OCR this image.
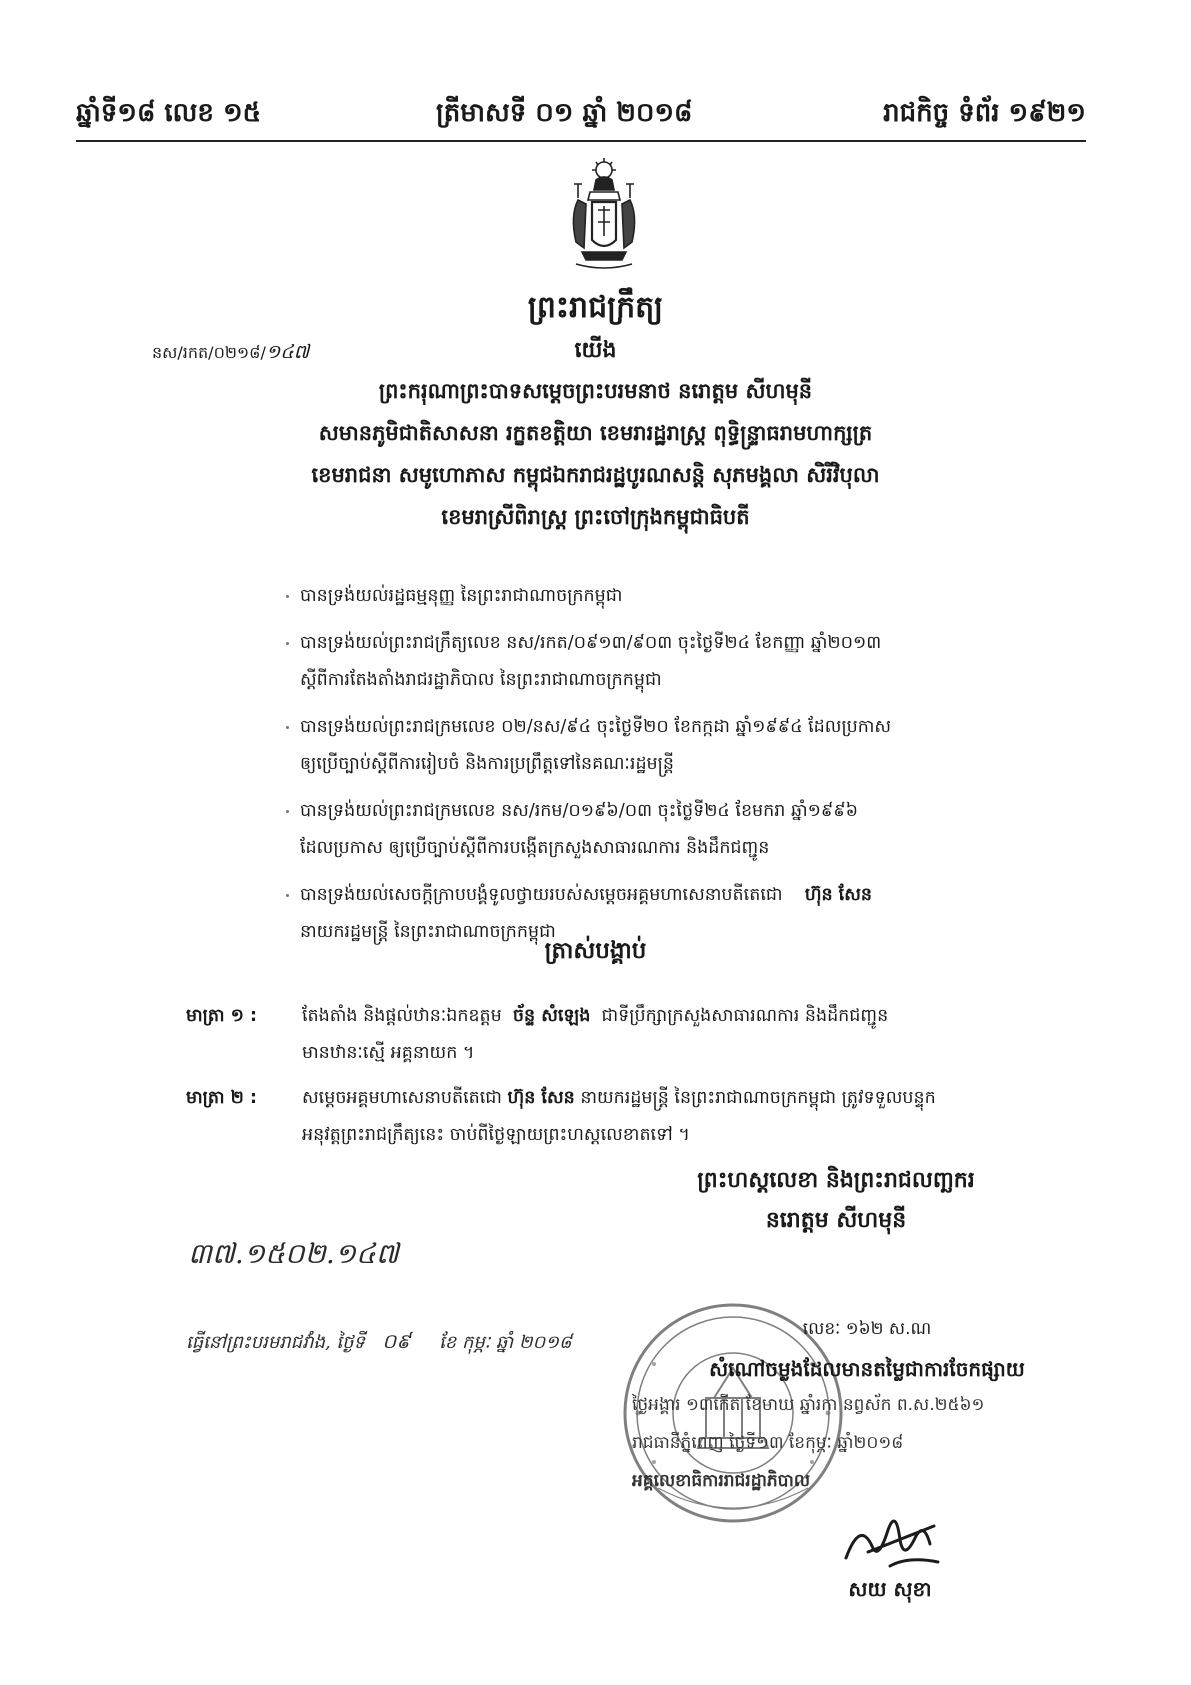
ឆ្នាំទី១៨ លេខ ១៥	ត្រីមាសទី ០១ ឆ្នាំ ២០១៨	រាជកិច្ច ទំព័រ ១៩២១
ព្រះរាជក្រឹត្យ
នស/រកត/០២១៨/១៤៧	យើង
ព្រះករុណាព្រះបាទសម្តេចព្រះបរមនាថ នរោត្តម សីហមុនី
សមានភូមិជាតិសាសនា រក្ខតខត្តិយា ខេមរារដ្ឋរាស្ត្រ ពុទ្ធិន្ទ្រាធរាមហាក្សត្រ
ខេមរាជនា សមូហោភាស កម្ពុជឯករាជរដ្ឋបូរណសន្តិ សុភមង្គលា សិរីវិបុលា
ខេមរាស្រីពិរាស្ត្រ ព្រះចៅក្រុងកម្ពុជាធិបតី
បានទ្រង់យល់រដ្ឋធម្មនុញ្ញ នៃព្រះរាជាណាចក្រកម្ពុជា
បានទ្រង់យល់ព្រះរាជក្រឹត្យលេខ នស/រកត/០៩១៣/៩០៣ ចុះថ្ងៃទី២៤ ខែកញ្ញា ឆ្នាំ២០១៣
ស្តីពីការតែងតាំងរាជរដ្ឋាភិបាល នៃព្រះរាជាណាចក្រកម្ពុជា
បានទ្រង់យល់ព្រះរាជក្រមលេខ ០២/នស/៩៤ ចុះថ្ងៃទី២០ ខែកក្កដា ឆ្នាំ១៩៩៤ ដែលប្រកាស
ឲ្យប្រើច្បាប់ស្តីពីការរៀបចំ និងការប្រព្រឹត្តទៅនៃគណៈរដ្ឋមន្ត្រី
បានទ្រង់យល់ព្រះរាជក្រមលេខ នស/រកម/០១៩៦/០៣ ចុះថ្ងៃទី២៤ ខែមករា ឆ្នាំ១៩៩៦
ដែលប្រកាស ឲ្យប្រើច្បាប់ស្តីពីការបង្កើតក្រសួងសាធារណការ និងដឹកជញ្ជូន
បានទ្រង់យល់សេចក្តីក្រាបបង្គំទូលថ្វាយរបស់សម្តេចអគ្គមហាសេនាបតីតេជោ ហ៊ុន សែន
នាយករដ្ឋមន្ត្រី នៃព្រះរាជាណាចក្រកម្ពុជា
ត្រាស់បង្គាប់
មាត្រា ១ :	តែងតាំង និងផ្តល់ឋានៈឯកឧត្តម ច័ន្ទ សំឡេង ជាទីប្រឹក្សាក្រសួងសាធារណការ និងដឹកជញ្ជូន
មានឋានៈស្មើ អគ្គនាយក ។
មាត្រា ២ :	សម្តេចអគ្គមហាសេនាបតីតេជោ ហ៊ុន សែន នាយករដ្ឋមន្ត្រី នៃព្រះរាជាណាចក្រកម្ពុជា ត្រូវទទួលបន្ទុក
អនុវត្តព្រះរាជក្រឹត្យនេះ ចាប់ពីថ្ងៃឡាយព្រះហស្តលេខាតទៅ ។
ព្រះហស្តលេខា និងព្រះរាជលញ្ឆករ
នរោត្តម សីហមុនី
៣៧.១៥០២.១៤៧
ធ្វើនៅព្រះបរមរាជវាំង, ថ្ងៃទី ០៩ ខែ កុម្ភៈ ឆ្នាំ ២០១៨
លេខៈ ១៦២ ស.ណ
សំណៅចម្លងដែលមានតម្លៃជាការចែកផ្សាយ
ថ្ងៃអង្គារ ១៣កើត ខែមាឃ ឆ្នាំរកា នព្វស័ក ព.ស.២៥៦១
រាជធានីភ្នំពេញ ថ្ងៃទី១៣ ខែកុម្ភៈ ឆ្នាំ២០១៨
អគ្គលេខាធិការរាជរដ្ឋាភិបាល
សយ សុខា
